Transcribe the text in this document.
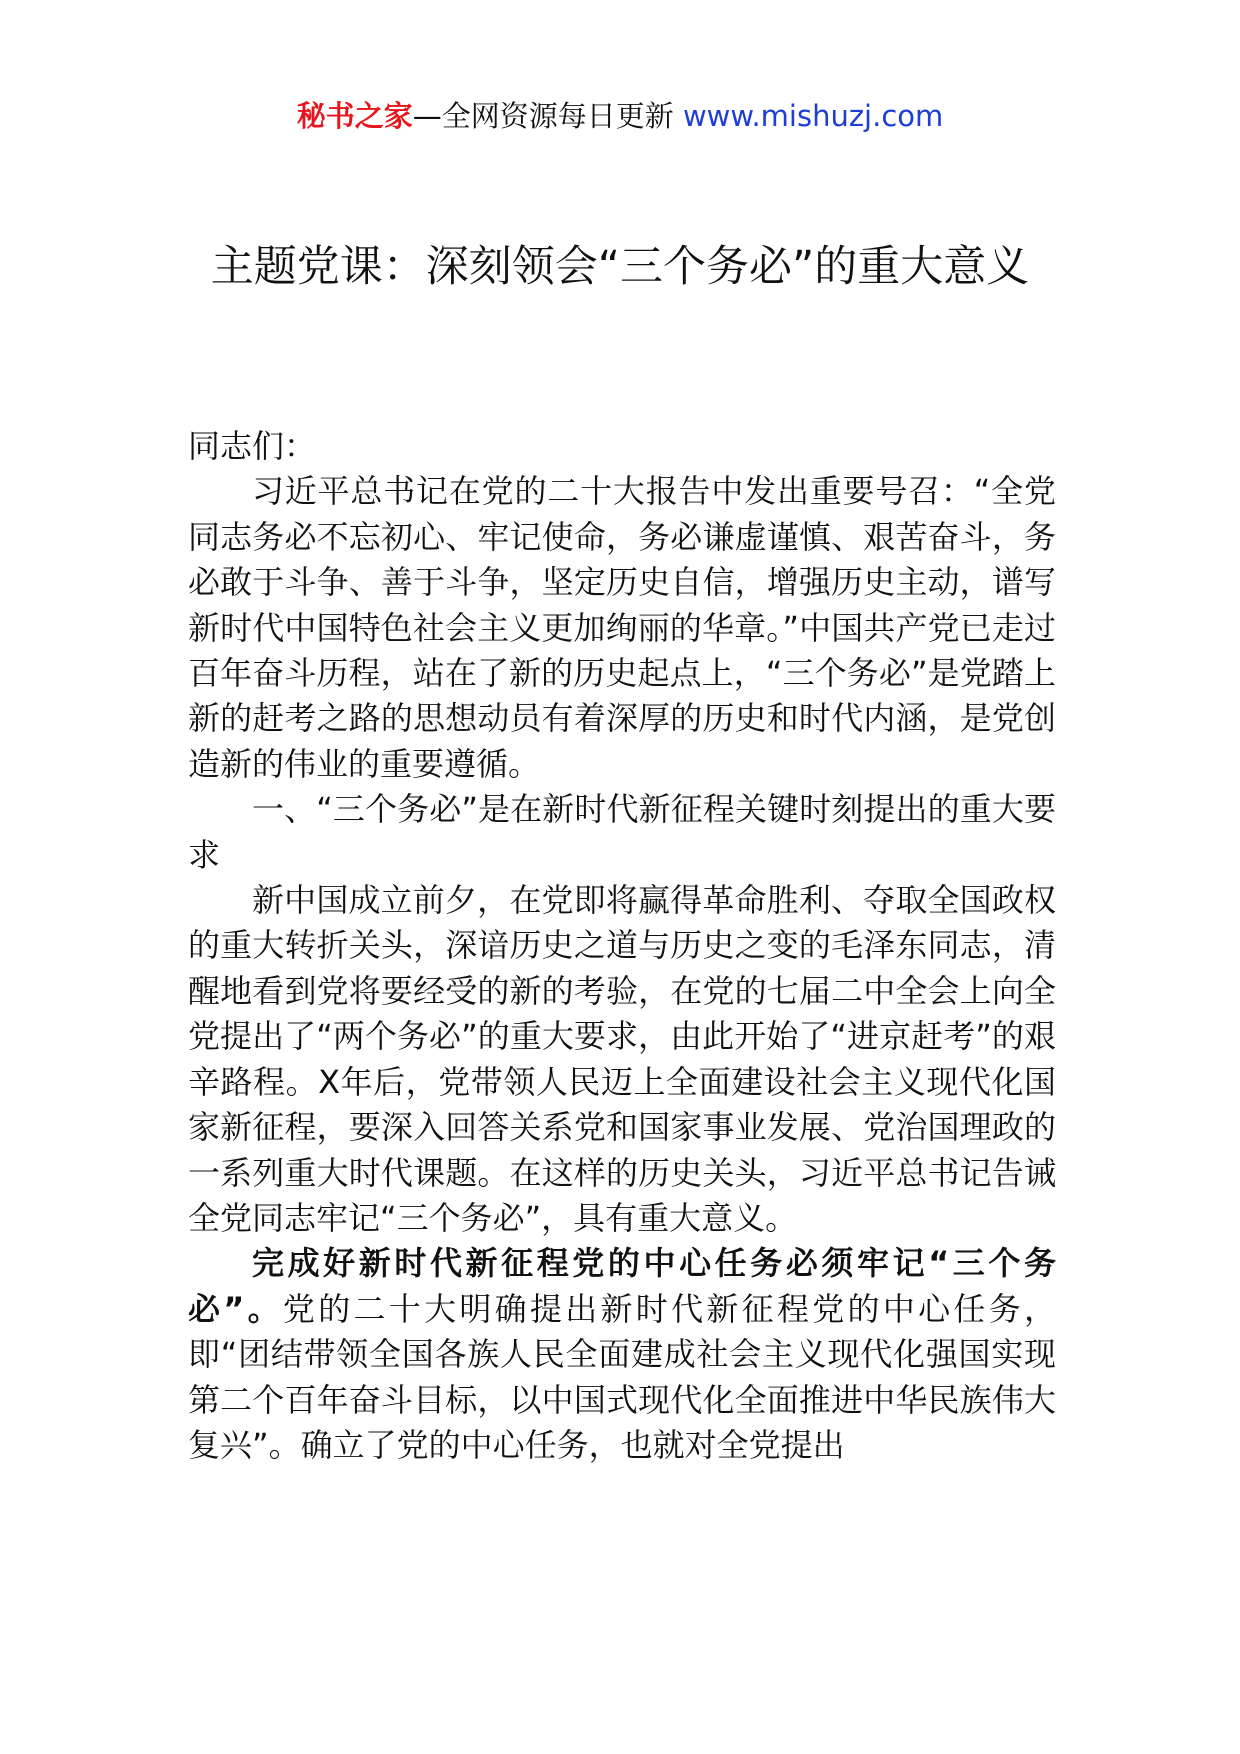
秘书之家—全网资源每日更新 www.mishuzj.com
主题党课：深刻领会“三个务必”的重大意义

同志们：

习近平总书记在党的二十大报告中发出重要号召：“全党同志务必不忘初心、牢记使命，务必谦虚谨慎、艰苦奋斗，务必敢于斗争、善于斗争，坚定历史自信，增强历史主动，谱写新时代中国特色社会主义更加绚丽的华章。”中国共产党已走过百年奋斗历程，站在了新的历史起点上，“三个务必”是党踏上新的赶考之路的思想动员有着深厚的历史和时代内涵，是党创造新的伟业的重要遵循。

一、“三个务必”是在新时代新征程关键时刻提出的重大要求

新中国成立前夕，在党即将赢得革命胜利、夺取全国政权的重大转折关头，深谙历史之道与历史之变的毛泽东同志，清醒地看到党将要经受的新的考验，在党的七届二中全会上向全党提出了“两个务必”的重大要求，由此开始了“进京赶考”的艰辛路程。X年后，党带领人民迈上全面建设社会主义现代化国家新征程，要深入回答关系党和国家事业发展、党治国理政的一系列重大时代课题。在这样的历史关头，习近平总书记告诫全党同志牢记“三个务必”，具有重大意义。

完成好新时代新征程党的中心任务必须牢记“三个务必”。党的二十大明确提出新时代新征程党的中心任务，即“团结带领全国各族人民全面建成社会主义现代化强国实现第二个百年奋斗目标，以中国式现代化全面推进中华民族伟大复兴”。确立了党的中心任务，也就对全党提出
